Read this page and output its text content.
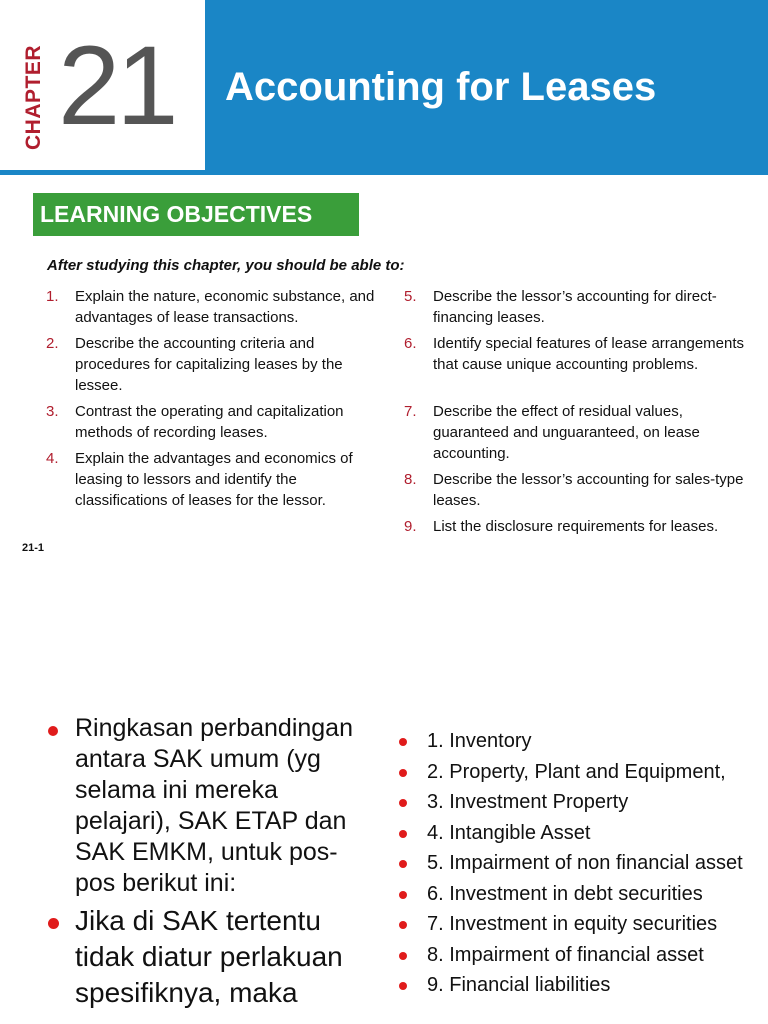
CHAPTER 21 Accounting for Leases
LEARNING OBJECTIVES
After studying this chapter, you should be able to:
1. Explain the nature, economic substance, and advantages of lease transactions.
2. Describe the accounting criteria and procedures for capitalizing leases by the lessee.
3. Contrast the operating and capitalization methods of recording leases.
4. Explain the advantages and economics of leasing to lessors and identify the classifications of leases for the lessor.
5. Describe the lessor’s accounting for direct-financing leases.
6. Identify special features of lease arrangements that cause unique accounting problems.
7. Describe the effect of residual values, guaranteed and unguaranteed, on lease accounting.
8. Describe the lessor’s accounting for sales-type leases.
9. List the disclosure requirements for leases.
21-1
Ringkasan perbandingan antara SAK umum (yg selama ini mereka pelajari), SAK ETAP dan SAK EMKM, untuk pos-pos berikut ini:
Jika di SAK tertentu tidak diatur perlakuan spesifiknya, maka
1. Inventory
2. Property, Plant and Equipment,
3. Investment Property
4. Intangible Asset
5. Impairment of non financial asset
6. Investment in debt securities
7. Investment in equity securities
8. Impairment of financial asset
9. Financial liabilities
